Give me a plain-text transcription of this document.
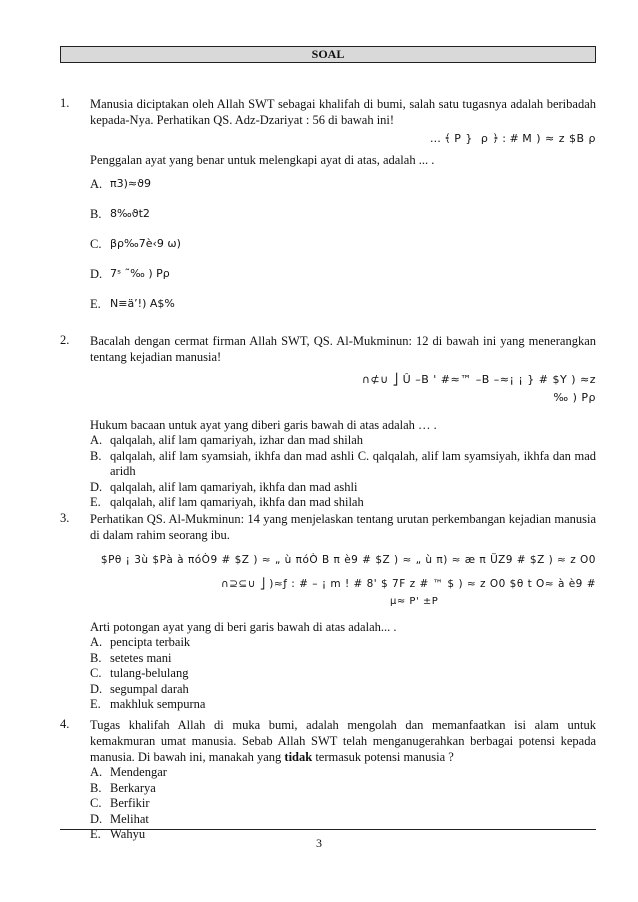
SOAL
1. Manusia diciptakan oleh Allah SWT sebagai khalifah di bumi, salah satu tugasnya adalah beribadah kepada-Nya. Perhatikan QS. Adz-Dzariyat : 56 di bawah ini!
… ﴾ P } ￰ ρ ﴿ : # M ) ≈ z $B ρ
Penggalan ayat yang benar untuk melengkapi ayat di atas, adalah ... .
A. π3)≈ϑ9
B. 8‰ϑt2
C. βρ‰7è‹9 ω)
D. 7ˢ ˜‰ ) Ρρ
E. N≡ä’!) A$%
2. Bacalah dengan cermat firman Allah SWT, QS. Al-Mukminun: 12 di bawah ini yang menerangkan tentang kejadian manusia!
∩⊄∪ ⎦ Û –B ' #≈™ –B –≈¡ ¡ } # $Y ) ≈z
‰ ) Ρρ
Hukum bacaan untuk ayat yang diberi garis bawah di atas adalah … .
A. qalqalah, alif lam qamariyah, izhar dan mad shilah
B. qalqalah, alif lam syamsiah, ikhfa dan mad ashli C. qalqalah, alif lam syamsiyah, ikhfa dan mad aridh
D. qalqalah, alif lam qamariyah, ikhfa dan mad ashli
E. qalqalah, alif lam qamariyah, ikhfa dan mad shilah
3. Perhatikan QS. Al-Mukminun: 14 yang menjelaskan tentang urutan perkembangan kejadian manusia di dalam rahim seorang ibu.
$Ρθ ¡ 3ù $Ρà à πóÒ9 # $Z ) ≈ „ ù πóÒ B π è9 # $Z ) ≈ „ ù π) ≈ æ π ÜZ9 # $Z ) ≈ z Ο0
∩⊇⊆∪ ⎦ )≈ƒ : # – ¡ m ! # 8' $ 7F z # ™ $ ) ≈ z Ο0 $θ t Ο≈ à è9 #
µ≈ Ρ' ±Ρ
Arti potongan ayat yang di beri garis bawah di atas adalah... .
A. pencipta terbaik
B. setetes mani
C. tulang-belulang
D. segumpal darah
E. makhluk sempurna
4. Tugas khalifah Allah di muka bumi, adalah mengolah dan memanfaatkan isi alam untuk kemakmuran umat manusia. Sebab Allah SWT telah menganugerahkan berbagai potensi kepada manusia. Di bawah ini, manakah yang tidak termasuk potensi manusia ?
A. Mendengar
B. Berkarya
C. Berfikir
D. Melihat
E. Wahyu
3
